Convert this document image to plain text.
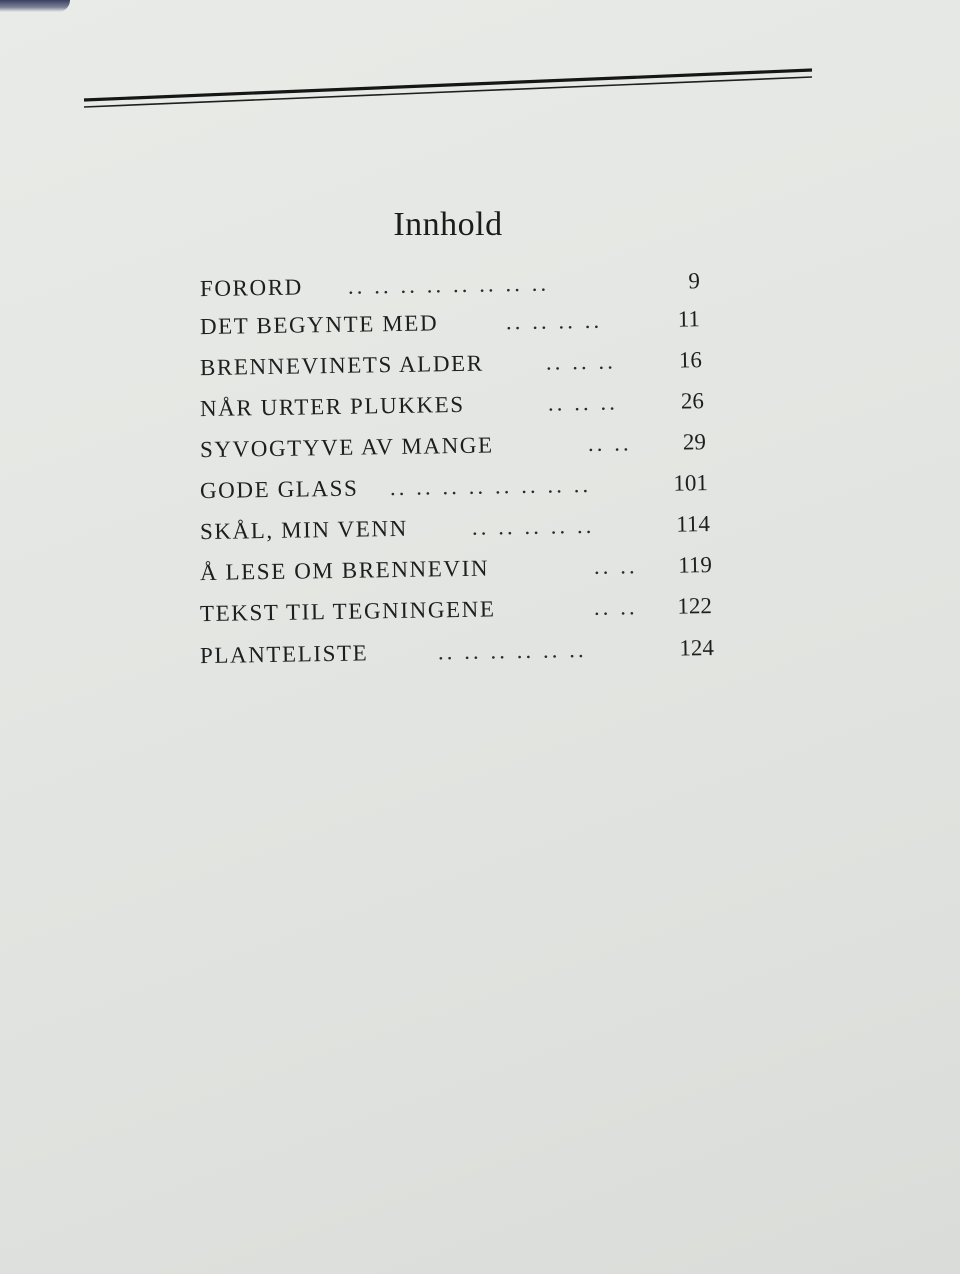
Innhold
FORORD .. .. .. .. .. .. .. ..	9
DET BEGYNTE MED	.. .. .. ..	11
BRENNEVINETS ALDER	.. .. ..	16
NÅR URTER PLUKKES	.. .. ..	26
SYVOGTYVE AV MANGE	.. ..	29
GODE GLASS .. .. .. .. .. .. .. ..	101
SKÅL, MIN VENN	.. .. .. .. ..	114
Å LESE OM BRENNEVIN	.. ..	119
TEKST TIL TEGNINGENE	.. ..	122
PLANTELISTE	.. .. .. .. .. ..	124
